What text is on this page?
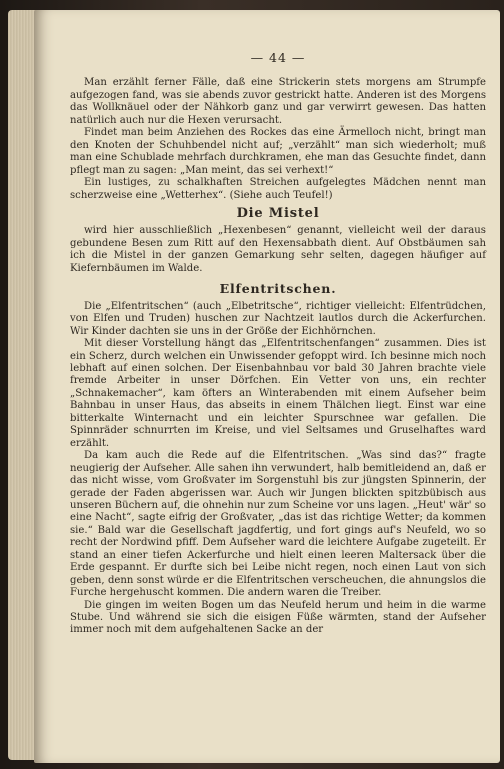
— 44 —

Man erzählt ferner Fälle, daß eine Strickerin stets morgens am Strumpfe aufgezogen fand, was sie abends zuvor gestrickt hatte. Anderen ist des Morgens das Wollknäuel oder der Nähkorb ganz und gar verwirrt gewesen. Das hatten natürlich auch nur die Hexen verursacht.

Findet man beim Anziehen des Rockes das eine Ärmelloch nicht, bringt man den Knoten der Schuhbendel nicht auf; „verzählt“ man sich wiederholt; muß man eine Schublade mehrfach durchkramen, ehe man das Gesuchte findet, dann pflegt man zu sagen: „Man meint, das sei verhext!“

Ein lustiges, zu schalkhaften Streichen aufgelegtes Mädchen nennt man scherzweise eine „Wetterhex“. (Siehe auch Teufel!)

Die Mistel

wird hier ausschließlich „Hexenbesen“ genannt, vielleicht weil der daraus gebundene Besen zum Ritt auf den Hexensabbath dient. Auf Obstbäumen sah ich die Mistel in der ganzen Gemarkung sehr selten, dagegen häufiger auf Kiefernbäumen im Walde.

Elfentritschen.

Die „Elfentritschen“ (auch „Elbetritsche“, richtiger vielleicht: Elfentrüdchen, von Elfen und Truden) huschen zur Nachtzeit lautlos durch die Ackerfurchen. Wir Kinder dachten sie uns in der Größe der Eichhörnchen.

Mit dieser Vorstellung hängt das „Elfentritschenfangen“ zusammen. Dies ist ein Scherz, durch welchen ein Unwissender gefoppt wird. Ich besinne mich noch lebhaft auf einen solchen. Der Eisenbahnbau vor bald 30 Jahren brachte viele fremde Arbeiter in unser Dörfchen. Ein Vetter von uns, ein rechter „Schnakemacher“, kam öfters an Winterabenden mit einem Aufseher beim Bahnbau in unser Haus, das abseits in einem Thälchen liegt. Einst war eine bitterkalte Winternacht und ein leichter Spurschnee war gefallen. Die Spinnräder schnurrten im Kreise, und viel Seltsames und Gruselhaftes ward erzählt.

Da kam auch die Rede auf die Elfentritschen. „Was sind das?“ fragte neugierig der Aufseher. Alle sahen ihn verwundert, halb bemitleidend an, daß er das nicht wisse, vom Großvater im Sorgenstuhl bis zur jüngsten Spinnerin, der gerade der Faden abgerissen war. Auch wir Jungen blickten spitzbübisch aus unseren Büchern auf, die ohnehin nur zum Scheine vor uns lagen. „Heut' wär' so eine Nacht“, sagte eifrig der Großvater, „das ist das richtige Wetter; da kommen sie.“ Bald war die Gesellschaft jagdfertig, und fort gings auf's Neufeld, wo so recht der Nordwind pfiff. Dem Aufseher ward die leichtere Aufgabe zugeteilt. Er stand an einer tiefen Ackerfurche und hielt einen leeren Maltersack über die Erde gespannt. Er durfte sich bei Leibe nicht regen, noch einen Laut von sich geben, denn sonst würde er die Elfentritschen verscheuchen, die ahnungslos die Furche hergehuscht kommen. Die andern waren die Treiber.

Die gingen im weiten Bogen um das Neufeld herum und heim in die warme Stube. Und während sie sich die eisigen Füße wärmten, stand der Aufseher immer noch mit dem aufgehaltenen Sacke an der
